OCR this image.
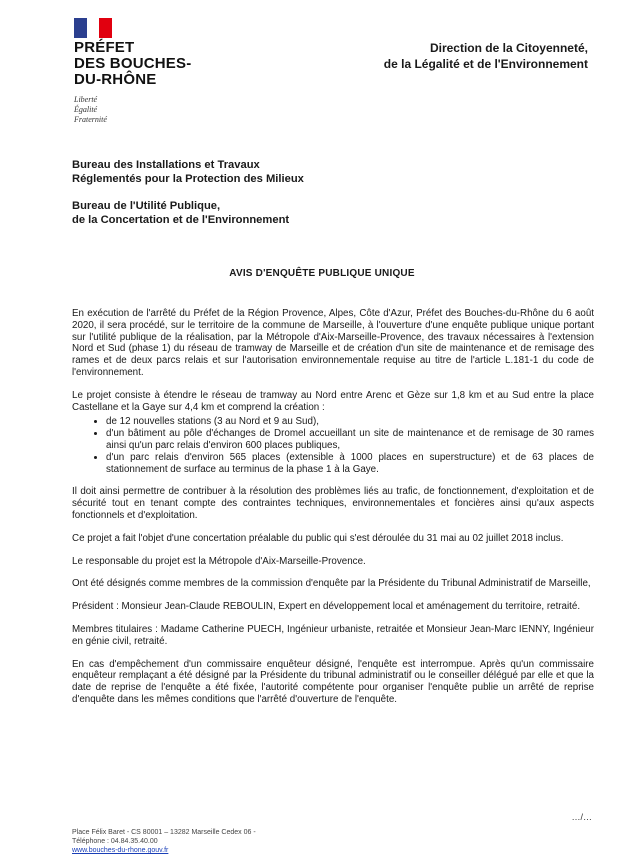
PRÉFET
DES BOUCHES-
DU-RHÔNE
Liberté
Égalité
Fraternité
Direction de la Citoyenneté,
de la Légalité et de l'Environnement
Bureau des Installations et Travaux
Réglementés pour la Protection des Milieux
Bureau de l'Utilité Publique,
de la Concertation et de l'Environnement
AVIS D'ENQUÊTE PUBLIQUE UNIQUE

En exécution de l'arrêté du Préfet de la Région Provence, Alpes, Côte d'Azur, Préfet des Bouches-du-Rhône du 6 août 2020, il sera procédé, sur le territoire de la commune de Marseille, à l'ouverture d'une enquête publique unique portant sur l'utilité publique de la réalisation, par la Métropole d'Aix-Marseille-Provence, des travaux nécessaires à l'extension Nord et Sud (phase 1) du réseau de tramway de Marseille et de création d'un site de maintenance et de remisage des rames et de deux parcs relais et sur l'autorisation environnementale requise au titre de l'article L.181-1 du code de l'environnement.

Le projet consiste à étendre le réseau de tramway au Nord entre Arenc et Gèze sur 1,8 km et au Sud entre la place Castellane et la Gaye sur 4,4 km et comprend la création :

• de 12 nouvelles stations (3 au Nord et 9 au Sud),
• d'un bâtiment au pôle d'échanges de Dromel accueillant un site de maintenance et de remisage de 30 rames ainsi qu'un parc relais d'environ 600 places publiques,
• d'un parc relais d'environ 565 places (extensible à 1000 places en superstructure) et de 63 places de stationnement de surface au terminus de la phase 1 à la Gaye.

Il doit ainsi permettre de contribuer à la résolution des problèmes liés au trafic, de fonctionnement, d'exploitation et de sécurité tout en tenant compte des contraintes techniques, environnementales et foncières ainsi qu'aux aspects fonctionnels et d'exploitation.

Ce projet a fait l'objet d'une concertation préalable du public qui s'est déroulée du 31 mai au 02 juillet 2018 inclus.

Le responsable du projet est la Métropole d'Aix-Marseille-Provence.

Ont été désignés comme membres de la commission d'enquête par la Présidente du Tribunal Administratif de Marseille,

Président : Monsieur Jean-Claude REBOULIN, Expert en développement local et aménagement du territoire, retraité.

Membres titulaires : Madame Catherine PUECH, Ingénieur urbaniste, retraitée et Monsieur Jean-Marc IENNY, Ingénieur en génie civil, retraité.

En cas d'empêchement d'un commissaire enquêteur désigné, l'enquête est interrompue. Après qu'un commissaire enquêteur remplaçant a été désigné par la Présidente du tribunal administratif ou le conseiller délégué par elle et que la date de reprise de l'enquête a été fixée, l'autorité compétente pour organiser l'enquête publie un arrêté de reprise d'enquête dans les mêmes conditions que l'arrêté d'ouverture de l'enquête.

…/…
Place Félix Baret - CS 80001 – 13282 Marseille Cedex 06 -
Téléphone : 04.84.35.40.00
www.bouches-du-rhone.gouv.fr
